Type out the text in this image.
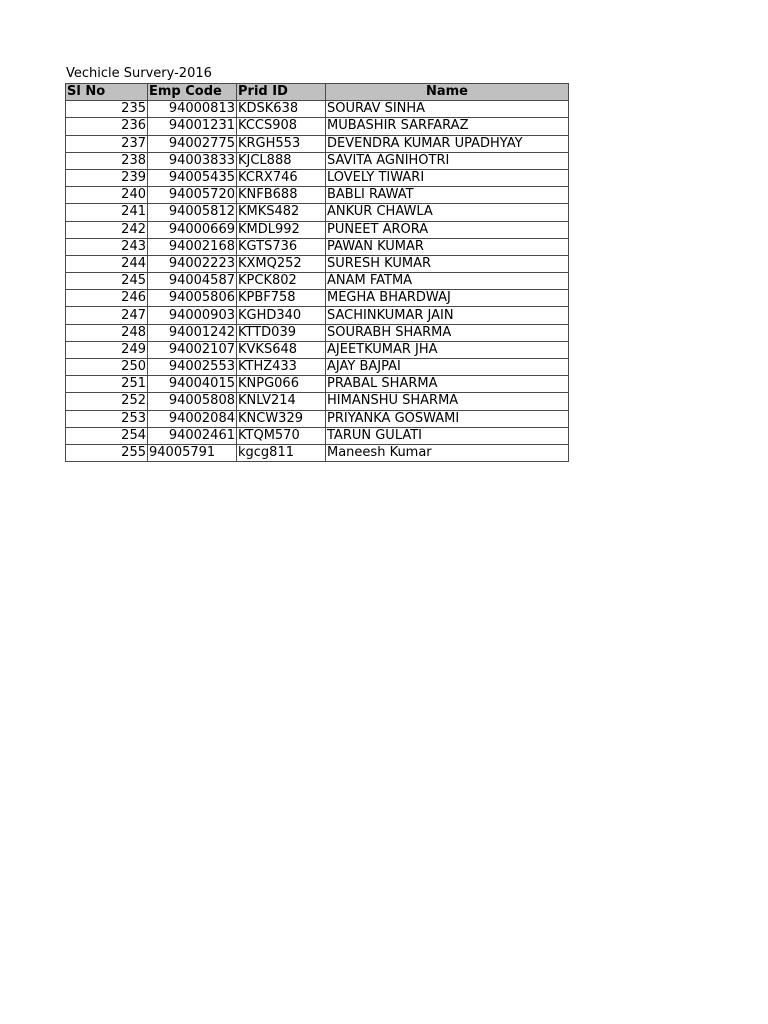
Vechicle Survery-2016
Sl No	Emp Code	Prid ID	Name
235	94000813	KDSK638	SOURAV SINHA
236	94001231	KCCS908	MUBASHIR SARFARAZ
237	94002775	KRGH553	DEVENDRA KUMAR UPADHYAY
238	94003833	KJCL888	SAVITA AGNIHOTRI
239	94005435	KCRX746	LOVELY TIWARI
240	94005720	KNFB688	BABLI RAWAT
241	94005812	KMKS482	ANKUR CHAWLA
242	94000669	KMDL992	PUNEET ARORA
243	94002168	KGTS736	PAWAN KUMAR
244	94002223	KXMQ252	SURESH KUMAR
245	94004587	KPCK802	ANAM FATMA
246	94005806	KPBF758	MEGHA BHARDWAJ
247	94000903	KGHD340	SACHINKUMAR JAIN
248	94001242	KTTD039	SOURABH SHARMA
249	94002107	KVKS648	AJEETKUMAR JHA
250	94002553	KTHZ433	AJAY BAJPAI
251	94004015	KNPG066	PRABAL SHARMA
252	94005808	KNLV214	HIMANSHU SHARMA
253	94002084	KNCW329	PRIYANKA GOSWAMI
254	94002461	KTQM570	TARUN GULATI
255	94005791	kgcg811	Maneesh Kumar
